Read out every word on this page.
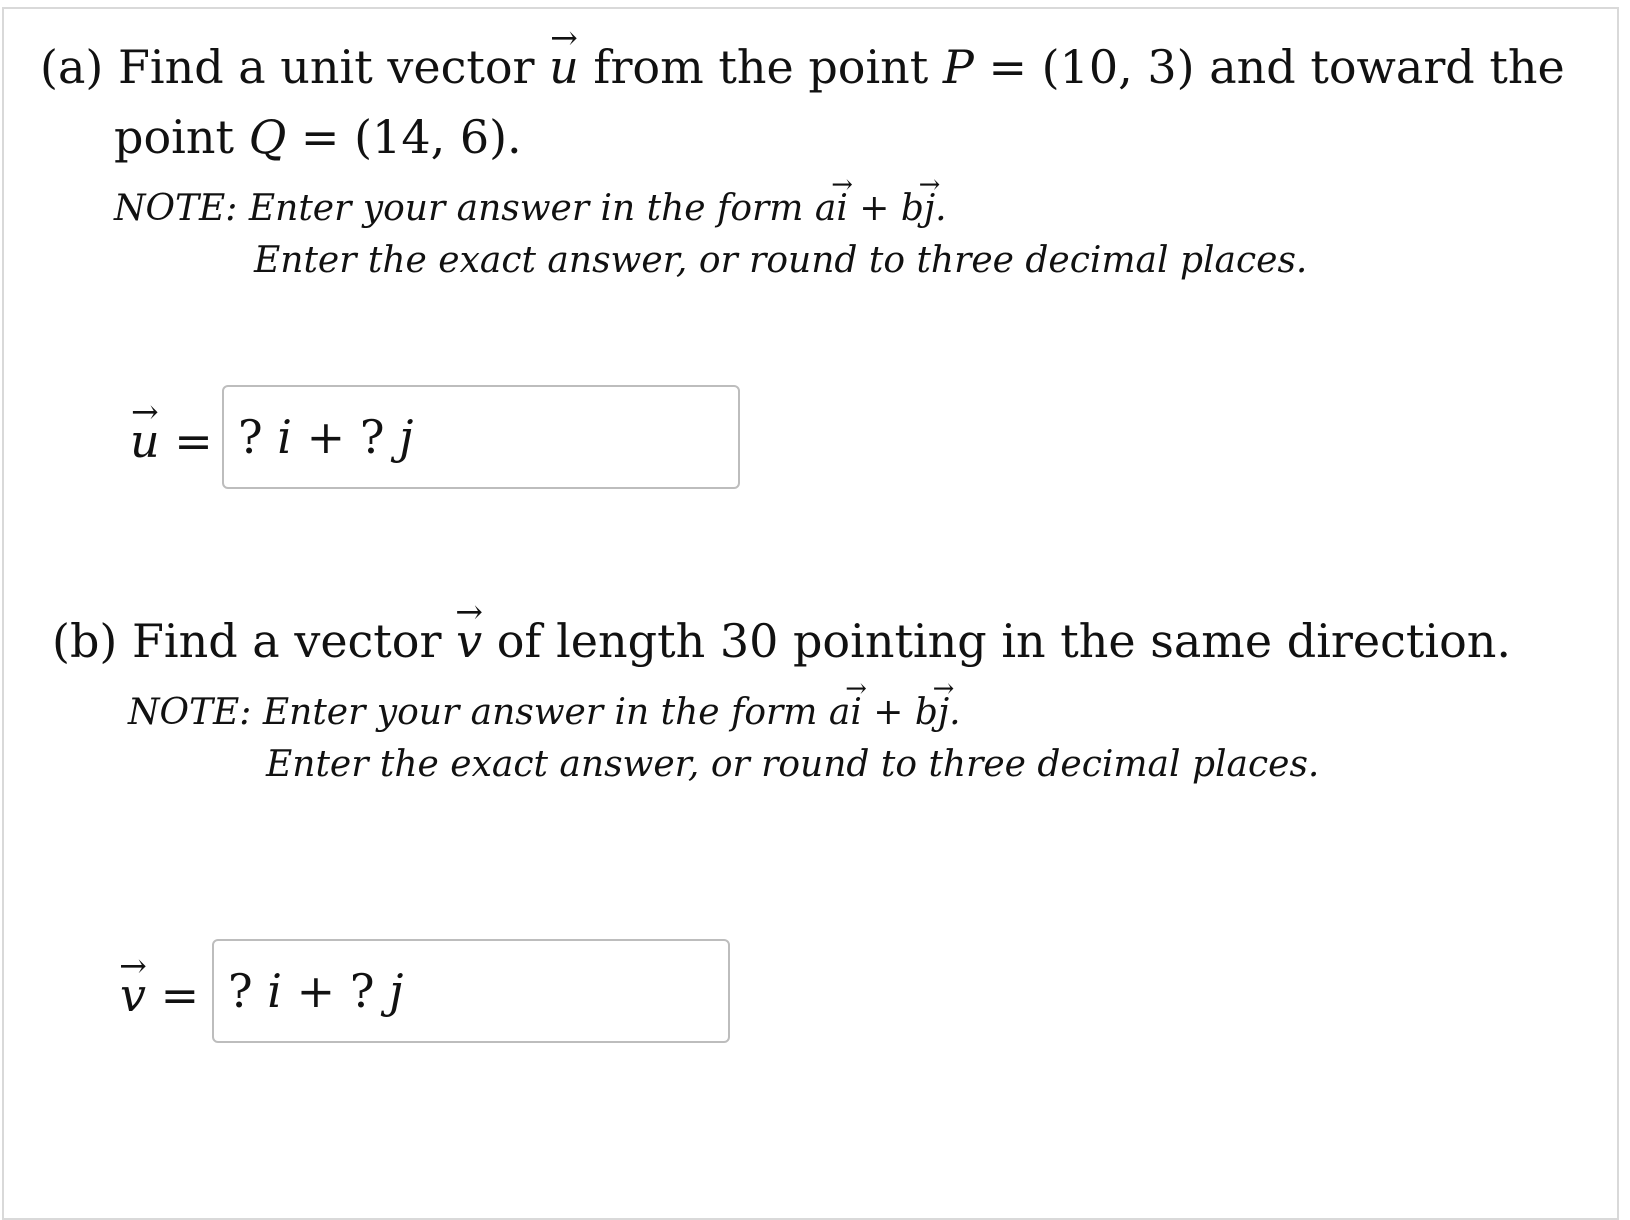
(a) Find a unit vector → u from the point P = (10, 3) and toward the
point Q = (14, 6).
NOTE: Enter your answer in the form a→ i + b→ j.
Enter the exact answer, or round to three decimal places.
→ u = ? i + ? j
(b) Find a vector → v of length 30 pointing in the same direction.
NOTE: Enter your answer in the form a→ i + b→ j.
Enter the exact answer, or round to three decimal places.
→ v = ? i + ? j
